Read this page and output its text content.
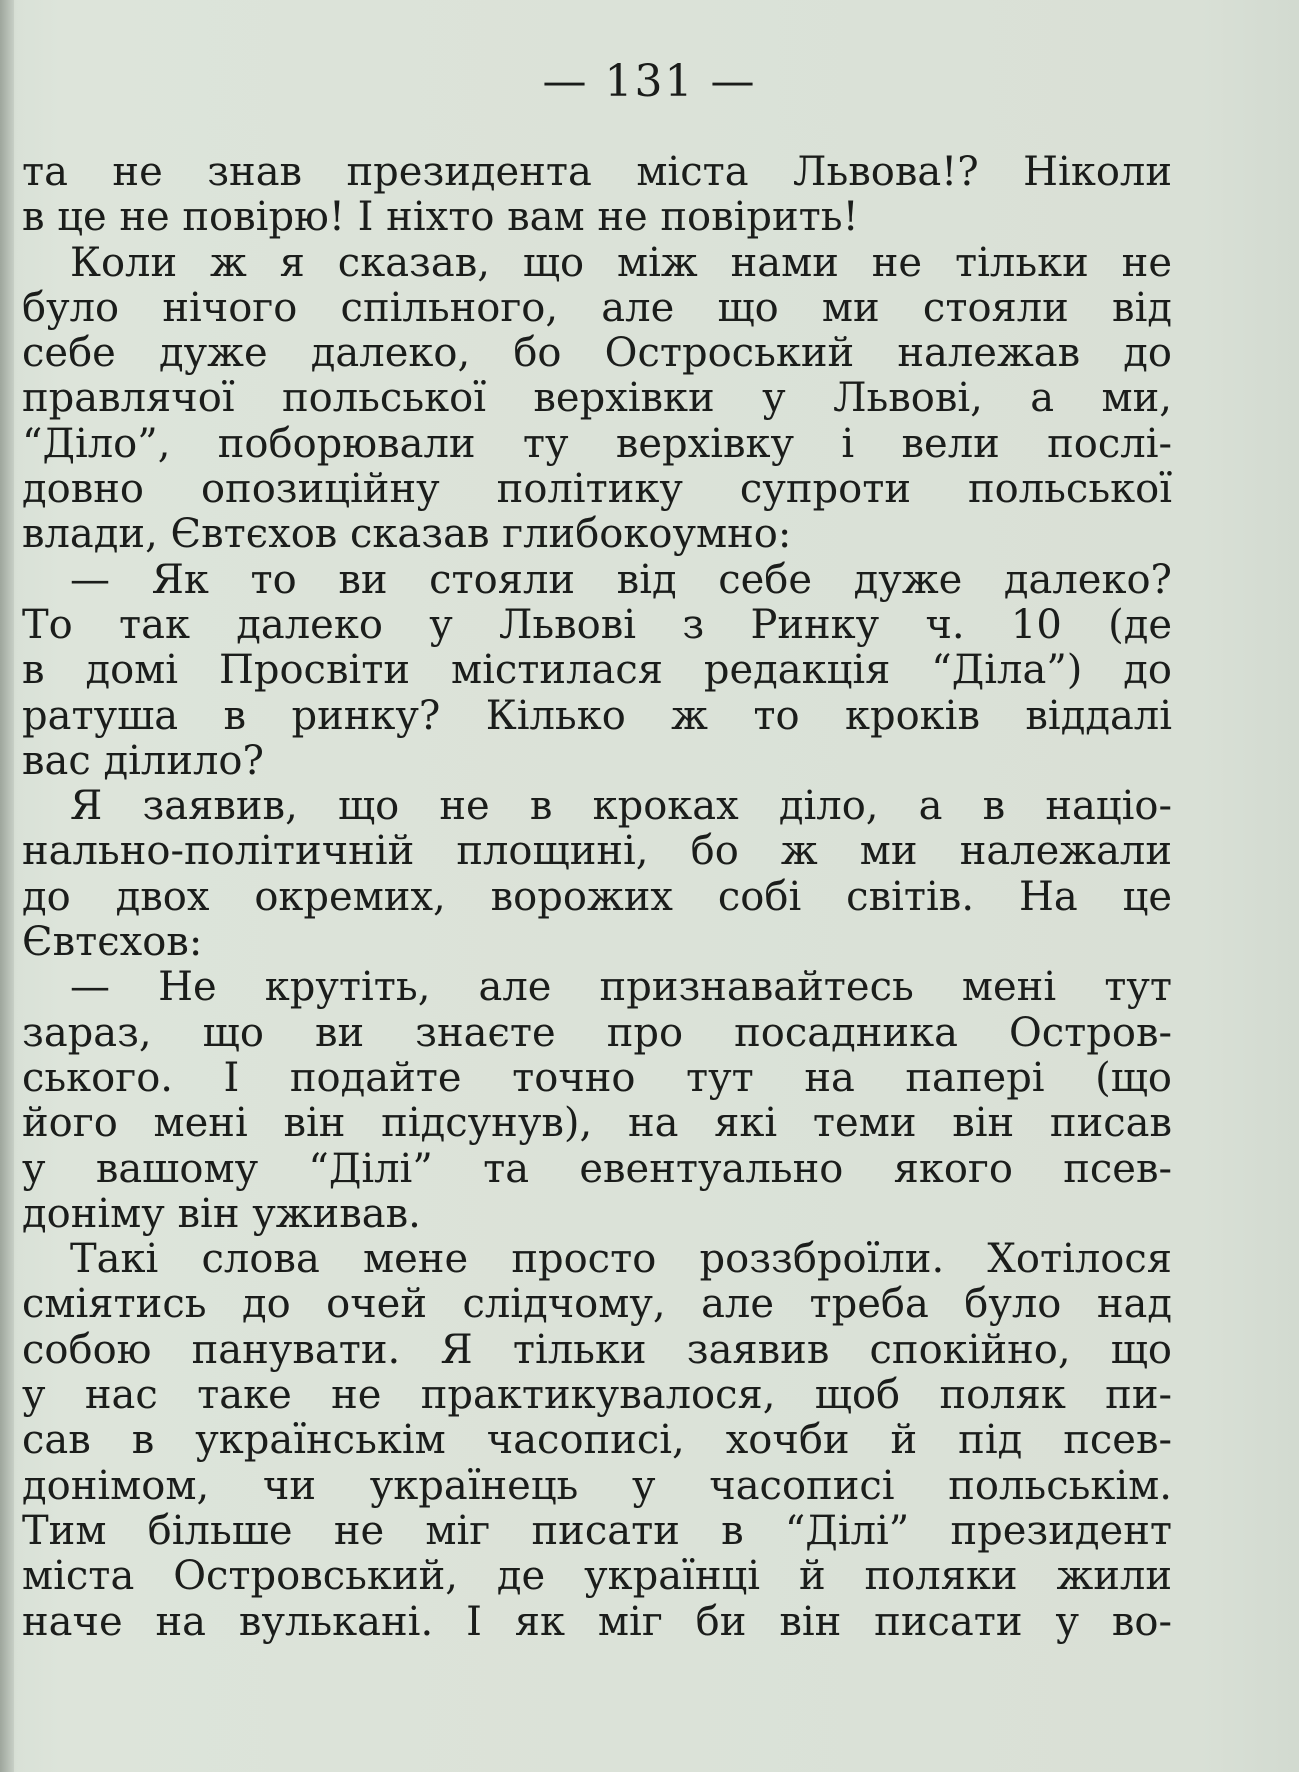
— 131 —
та не знав президента міста Львова!? Ніколи
в це не повірю! І ніхто вам не повірить!
Коли ж я сказав, що між нами не тільки не
було нічого спільного, але що ми стояли від
себе дуже далеко, бо Остроський належав до
правлячої польської верхівки у Львові, а ми,
“Діло”, поборювали ту верхівку і вели послі-
довно опозиційну політику супроти польської
влади, Євтєхов сказав глибокоумно:
— Як то ви стояли від себе дуже далеко?
То так далеко у Львові з Ринку ч. 10 (де
в домі Просвіти містилася редакція “Діла”) до
ратуша в ринку? Кілько ж то кроків віддалі
вас ділило?
Я заявив, що не в кроках діло, а в націо-
нально-політичній площині, бо ж ми належали
до двох окремих, ворожих собі світів. На це
Євтєхов:
— Не крутіть, але признавайтесь мені тут
зараз, що ви знаєте про посадника Остров-
ського. І подайте точно тут на папері (що
його мені він підсунув), на які теми він писав
у вашому “Ділі” та евентуально якого псев-
доніму він уживав.
Такі слова мене просто роззброїли. Хотілося
сміятись до очей слідчому, але треба було над
собою панувати. Я тільки заявив спокійно, що
у нас таке не практикувалося, щоб поляк пи-
сав в українськім часописі, хочби й під псев-
донімом, чи українець у часописі польськім.
Тим більше не міг писати в “Ділі” президент
міста Островський, де українці й поляки жили
наче на вулькані. І як міг би він писати у во-
